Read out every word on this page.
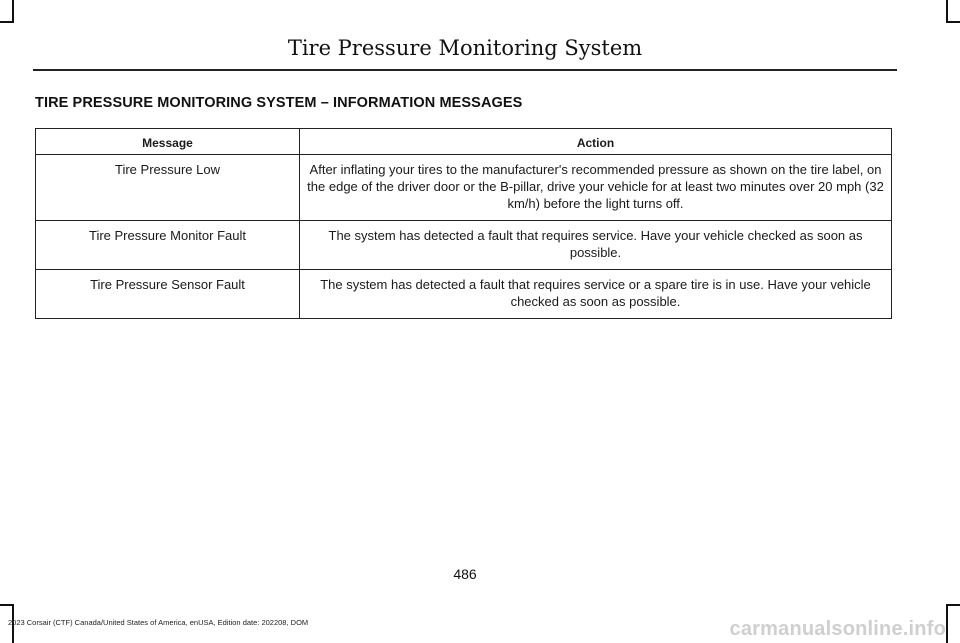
Tire Pressure Monitoring System
TIRE PRESSURE MONITORING SYSTEM – INFORMATION MESSAGES
Message	Action
Tire Pressure Low	After inflating your tires to the manufacturer's recommended pressure as shown on the tire label, on the edge of the driver door or the B-pillar, drive your vehicle for at least two minutes over 20 mph (32 km/h) before the light turns off.
Tire Pressure Monitor Fault	The system has detected a fault that requires service. Have your vehicle checked as soon as possible.
Tire Pressure Sensor Fault	The system has detected a fault that requires service or a spare tire is in use. Have your vehicle checked as soon as possible.
486
2023 Corsair (CTF) Canada/United States of America, enUSA, Edition date: 202208, DOM	carmanualsonline.info
